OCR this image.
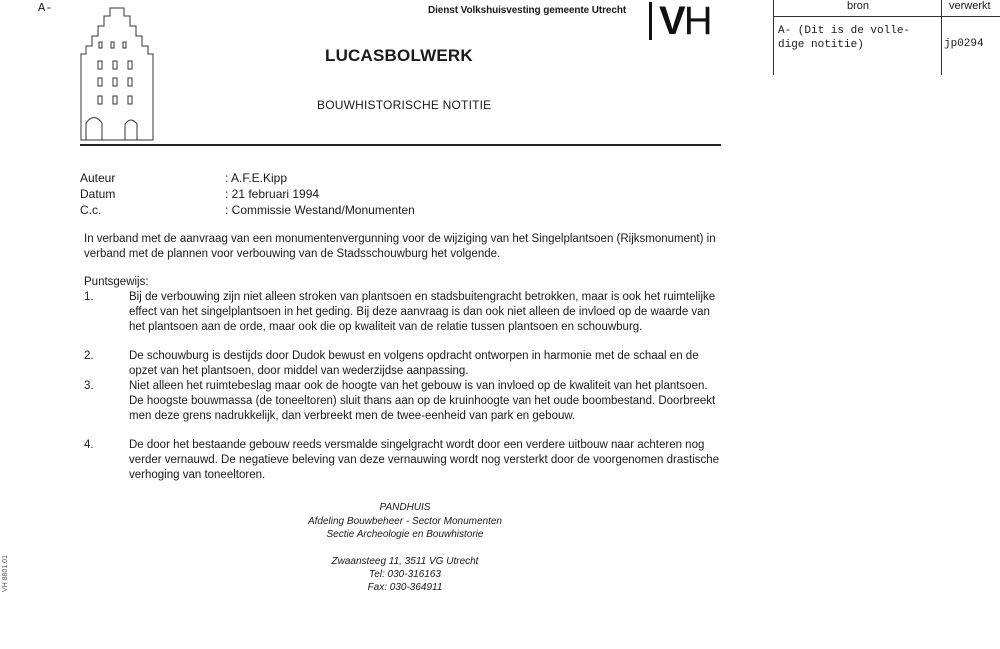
A-	Dienst Volkshuisvesting gemeente Utrecht VH
LUCASBOLWERK
BOUWHISTORISCHE NOTITIE
bron	verwerkt
A- (Dit is de volle-
dige notitie)	jp0294
Auteur	: A.F.E.Kipp
Datum	: 21 februari 1994
C.c.	: Commissie Westand/Monumenten
In verband met de aanvraag van een monumentenvergunning voor de wijziging van het Singelplantsoen (Rijksmonument) in verband met de plannen voor verbouwing van de Stadsschouwburg het volgende.
Puntsgewijs:
1.	Bij de verbouwing zijn niet alleen stroken van plantsoen en stadsbuitengracht betrokken, maar is ook het ruimtelijke effect van het singelplantsoen in het geding. Bij deze aanvraag is dan ook niet alleen de invloed op de waarde van het plantsoen aan de orde, maar ook die op kwaliteit van de relatie tussen plantsoen en schouwburg.
2.	De schouwburg is destijds door Dudok bewust en volgens opdracht ontworpen in harmonie met de schaal en de opzet van het plantsoen, door middel van wederzijdse aanpassing.
3.	Niet alleen het ruimtebeslag maar ook de hoogte van het gebouw is van invloed op de kwaliteit van het plantsoen. De hoogste bouwmassa (de toneeltoren) sluit thans aan op de kruinhoogte van het oude boombestand. Doorbreekt men deze grens nadrukkelijk, dan verbreekt men de twee-eenheid van park en gebouw.
4.	De door het bestaande gebouw reeds versmalde singelgracht wordt door een verdere uitbouw naar achteren nog verder vernauwd. De negatieve beleving van deze vernauwing wordt nog versterkt door de voorgenomen drastische verhoging van toneeltoren.
PANDHUIS
Afdeling Bouwbeheer - Sector Monumenten
Sectie Archeologie en Bouwhistorie
Zwaansteeg 11, 3511 VG Utrecht
Tel: 030-316163
Fax: 030-364911
VH 8801.01
